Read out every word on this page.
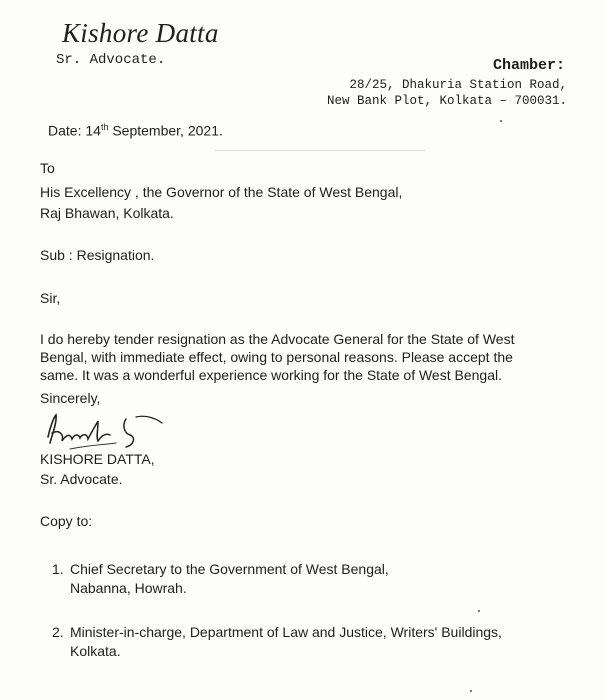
Kishore Datta
Sr. Advocate.	Chamber:
28/25, Dhakuria Station Road,
New Bank Plot, Kolkata – 700031.
Date: 14th September, 2021.
To
His Excellency , the Governor of the State of West Bengal,
Raj Bhawan, Kolkata.
Sub : Resignation.
Sir,
I do hereby tender resignation as the Advocate General for the State of West
Bengal, with immediate effect, owing to personal reasons. Please accept the
same. It was a wonderful experience working for the State of West Bengal.
Sincerely,
KISHORE DATTA,
Sr. Advocate.
Copy to:
1. Chief Secretary to the Government of West Bengal,
Nabanna, Howrah.
2. Minister-in-charge, Department of Law and Justice, Writers' Buildings,
Kolkata.
